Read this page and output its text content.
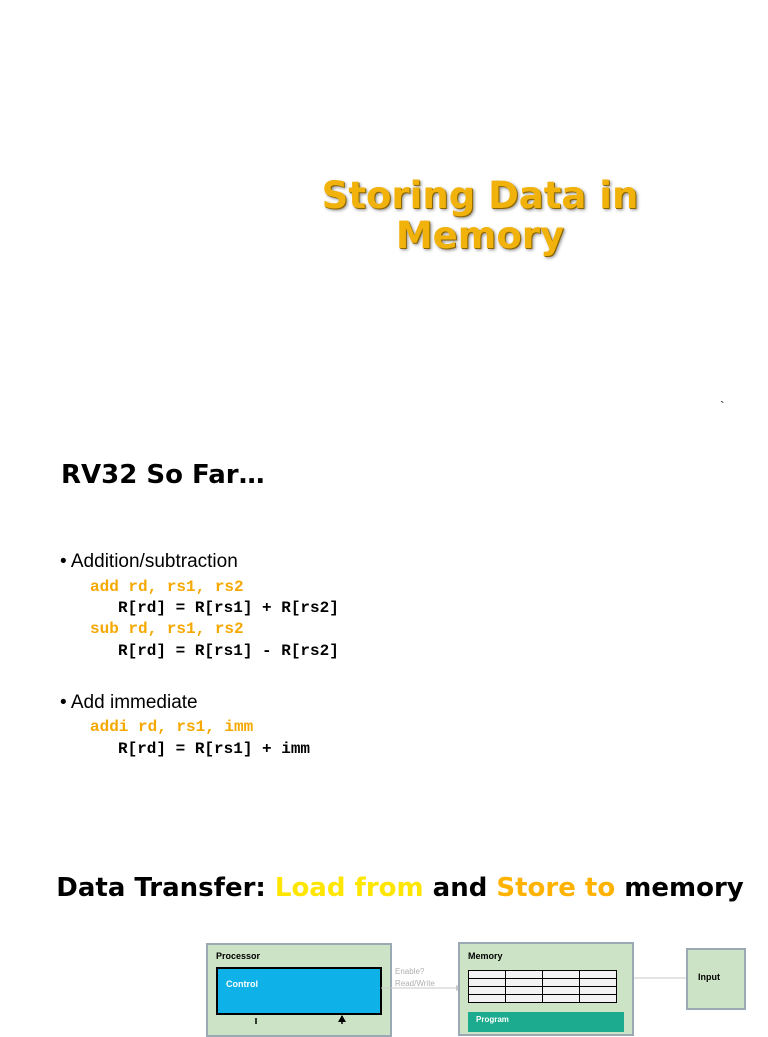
Storing Data in Memory
`
RV32 So Far…
• Addition/subtraction
add rd, rs1, rs2
R[rd] = R[rs1] + R[rs2]
sub rd, rs1, rs2
R[rd] = R[rs1] - R[rs2]
• Add immediate
addi rd, rs1, imm
R[rd] = R[rs1] + imm
Data Transfer: Load from and Store to memory
Processor
Control
Enable?
Read/Write
Memory

Program
Input
